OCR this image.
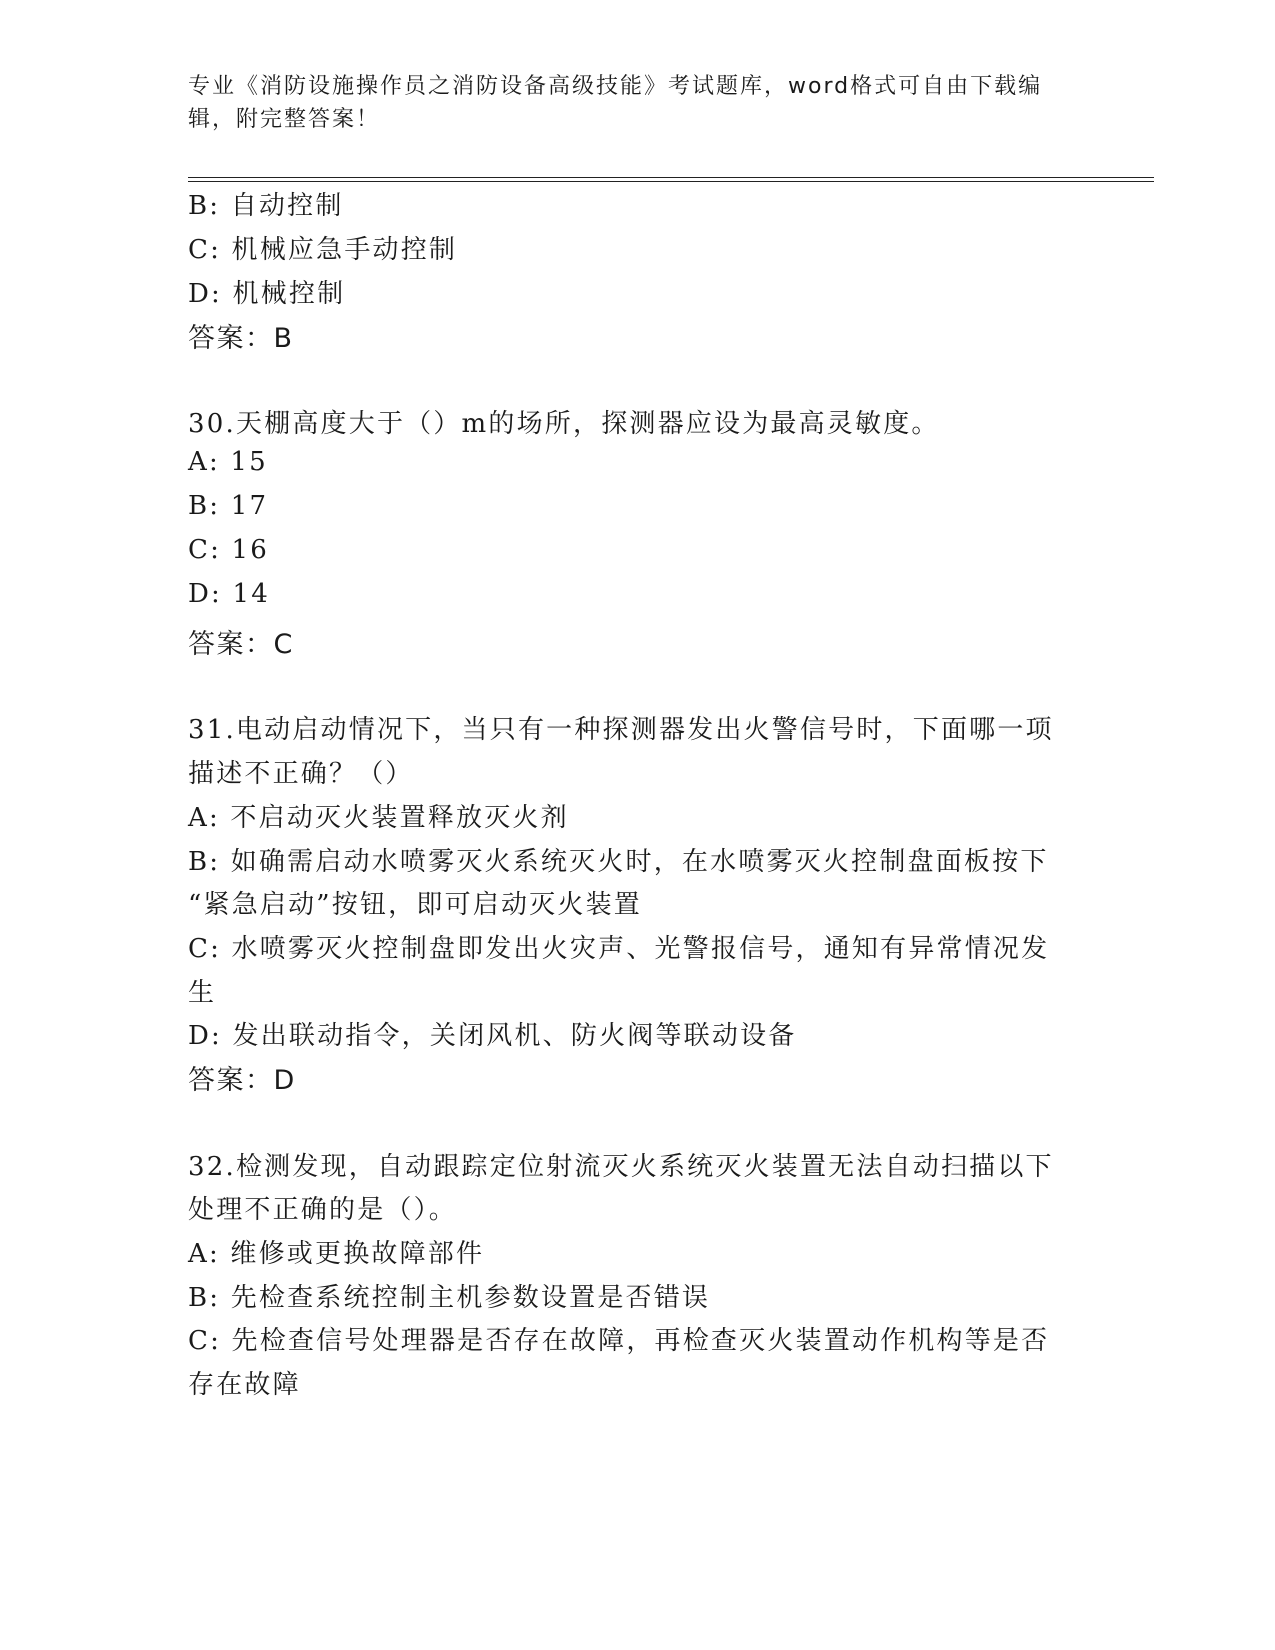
专业《消防设施操作员之消防设备高级技能》考试题库，word格式可自由下载编辑，附完整答案！
B: 自动控制
C: 机械应急手动控制
D: 机械控制
答案：B
30.天棚高度大于（）m的场所，探测器应设为最高灵敏度。
A: 15
B: 17
C: 16
D: 14
答案：C
31.电动启动情况下，当只有一种探测器发出火警信号时，下面哪一项
描述不正确？（）
A: 不启动灭火装置释放灭火剂
B: 如确需启动水喷雾灭火系统灭火时，在水喷雾灭火控制盘面板按下
“紧急启动”按钮，即可启动灭火装置
C: 水喷雾灭火控制盘即发出火灾声、光警报信号，通知有异常情况发
生
D: 发出联动指令，关闭风机、防火阀等联动设备
答案：D
32.检测发现，自动跟踪定位射流灭火系统灭火装置无法自动扫描以下
处理不正确的是（）。
A: 维修或更换故障部件
B: 先检查系统控制主机参数设置是否错误
C: 先检查信号处理器是否存在故障，再检查灭火装置动作机构等是否
存在故障
